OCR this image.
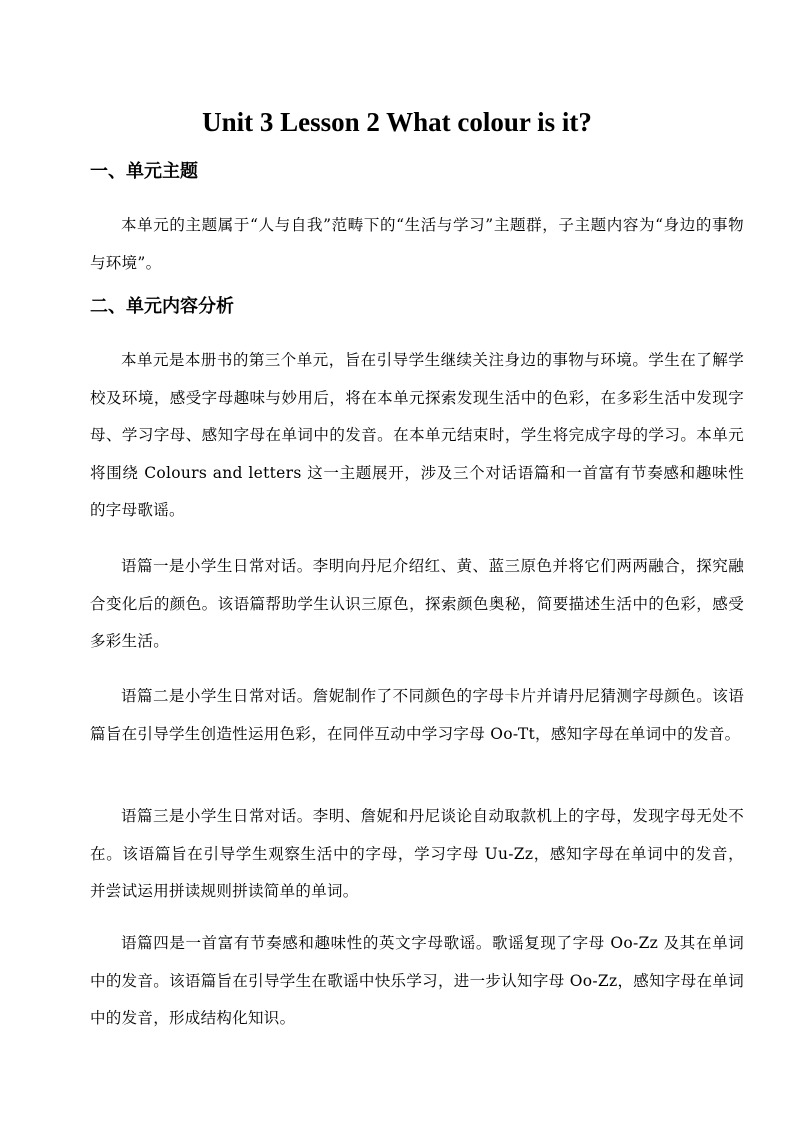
Unit 3 Lesson 2 What colour is it?
一、单元主题

本单元的主题属于“人与自我”范畴下的“生活与学习”主题群，子主题内容为“身边的事物与环境”。

二、单元内容分析

本单元是本册书的第三个单元，旨在引导学生继续关注身边的事物与环境。学生在了解学校及环境，感受字母趣味与妙用后，将在本单元探索发现生活中的色彩，在多彩生活中发现字母、学习字母、感知字母在单词中的发音。在本单元结束时，学生将完成字母的学习。本单元将围绕 Colours and letters 这一主题展开，涉及三个对话语篇和一首富有节奏感和趣味性的字母歌谣。

语篇一是小学生日常对话。李明向丹尼介绍红、黄、蓝三原色并将它们两两融合，探究融合变化后的颜色。该语篇帮助学生认识三原色，探索颜色奥秘，简要描述生活中的色彩，感受多彩生活。

语篇二是小学生日常对话。詹妮制作了不同颜色的字母卡片并请丹尼猜测字母颜色。该语篇旨在引导学生创造性运用色彩，在同伴互动中学习字母 Oo-Tt，感知字母在单词中的发音。

语篇三是小学生日常对话。李明、詹妮和丹尼谈论自动取款机上的字母，发现字母无处不在。该语篇旨在引导学生观察生活中的字母，学习字母 Uu-Zz，感知字母在单词中的发音，并尝试运用拼读规则拼读简单的单词。

语篇四是一首富有节奏感和趣味性的英文字母歌谣。歌谣复现了字母 Oo-Zz 及其在单词中的发音。该语篇旨在引导学生在歌谣中快乐学习，进一步认知字母 Oo-Zz，感知字母在单词中的发音，形成结构化知识。
